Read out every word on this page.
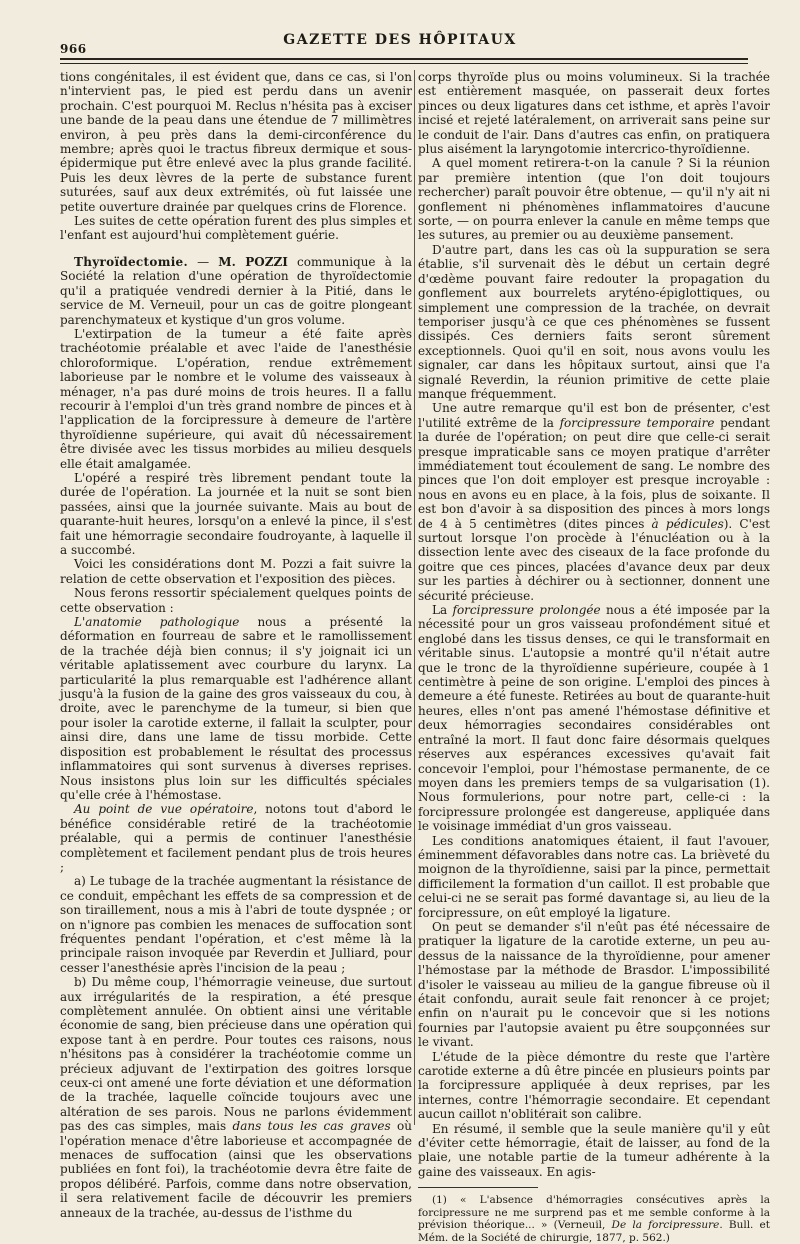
966
GAZETTE DES HÔPITAUX

tions congénitales, il est évident que, dans ce cas, si l'on n'intervient pas, le pied est perdu dans un avenir prochain. C'est pourquoi M. Reclus n'hésita pas à exciser une bande de la peau dans une étendue de 7 millimètres environ, à peu près dans la demi-circonférence du membre; après quoi le tractus fibreux dermique et sous-épidermique put être enlevé avec la plus grande facilité. Puis les deux lèvres de la perte de substance furent suturées, sauf aux deux extrémités, où fut laissée une petite ouverture drainée par quelques crins de Florence.

Les suites de cette opération furent des plus simples et l'enfant est aujourd'hui complètement guérie.

Thyroïdectomie. — M. POZZI communique à la Société la relation d'une opération de thyroïdectomie qu'il a pratiquée vendredi dernier à la Pitié, dans le service de M. Verneuil, pour un cas de goitre plongeant parenchymateux et kystique d'un gros volume.

L'extirpation de la tumeur a été faite après trachéotomie préalable et avec l'aide de l'anesthésie chloroformique. L'opération, rendue extrêmement laborieuse par le nombre et le volume des vaisseaux à ménager, n'a pas duré moins de trois heures. Il a fallu recourir à l'emploi d'un très grand nombre de pinces et à l'application de la forcipressure à demeure de l'artère thyroïdienne supérieure, qui avait dû nécessairement être divisée avec les tissus morbides au milieu desquels elle était amalgamée.

L'opéré a respiré très librement pendant toute la durée de l'opération. La journée et la nuit se sont bien passées, ainsi que la journée suivante. Mais au bout de quarante-huit heures, lorsqu'on a enlevé la pince, il s'est fait une hémorragie secondaire foudroyante, à laquelle il a succombé.

Voici les considérations dont M. Pozzi a fait suivre la relation de cette observation et l'exposition des pièces.

Nous ferons ressortir spécialement quelques points de cette observation :

L'anatomie pathologique nous a présenté la déformation en fourreau de sabre et le ramollissement de la trachée déjà bien connus; il s'y joignait ici un véritable aplatissement avec courbure du larynx. La particularité la plus remarquable est l'adhérence allant jusqu'à la fusion de la gaine des gros vaisseaux du cou, à droite, avec le parenchyme de la tumeur, si bien que pour isoler la carotide externe, il fallait la sculpter, pour ainsi dire, dans une lame de tissu morbide. Cette disposition est probablement le résultat des processus inflammatoires qui sont survenus à diverses reprises. Nous insistons plus loin sur les difficultés spéciales qu'elle crée à l'hémostase.

Au point de vue opératoire, notons tout d'abord le bénéfice considérable retiré de la trachéotomie préalable, qui a permis de continuer l'anesthésie complètement et facilement pendant plus de trois heures ;

a) Le tubage de la trachée augmentant la résistance de ce conduit, empêchant les effets de sa compression et de son tiraillement, nous a mis à l'abri de toute dyspnée ; or on n'ignore pas combien les menaces de suffocation sont fréquentes pendant l'opération, et c'est même là la principale raison invoquée par Reverdin et Julliard, pour cesser l'anesthésie après l'incision de la peau ;

b) Du même coup, l'hémorragie veineuse, due surtout aux irrégularités de la respiration, a été presque complètement annulée. On obtient ainsi une véritable économie de sang, bien précieuse dans une opération qui expose tant à en perdre. Pour toutes ces raisons, nous n'hésitons pas à considérer la trachéotomie comme un précieux adjuvant de l'extirpation des goitres lorsque ceux-ci ont amené une forte déviation et une déformation de la trachée, laquelle coïncide toujours avec une altération de ses parois. Nous ne parlons évidemment pas des cas simples, mais dans tous les cas graves où l'opération menace d'être laborieuse et accompagnée de menaces de suffocation (ainsi que les observations publiées en font foi), la trachéotomie devra être faite de propos délibéré. Parfois, comme dans notre observation, il sera relativement facile de découvrir les premiers anneaux de la trachée, au-dessus de l'isthme du

corps thyroïde plus ou moins volumineux. Si la trachée est entièrement masquée, on passerait deux fortes pinces ou deux ligatures dans cet isthme, et après l'avoir incisé et rejeté latéralement, on arriverait sans peine sur le conduit de l'air. Dans d'autres cas enfin, on pratiquera plus aisément la laryngotomie intercrico-thyroïdienne.

A quel moment retirera-t-on la canule ? Si la réunion par première intention (que l'on doit toujours rechercher) paraît pouvoir être obtenue, — qu'il n'y ait ni gonflement ni phénomènes inflammatoires d'aucune sorte, — on pourra enlever la canule en même temps que les sutures, au premier ou au deuxième pansement.

D'autre part, dans les cas où la suppuration se sera établie, s'il survenait dès le début un certain degré d'œdème pouvant faire redouter la propagation du gonflement aux bourrelets aryténo-épiglottiques, ou simplement une compression de la trachée, on devrait temporiser jusqu'à ce que ces phénomènes se fussent dissipés. Ces derniers faits seront sûrement exceptionnels. Quoi qu'il en soit, nous avons voulu les signaler, car dans les hôpitaux surtout, ainsi que l'a signalé Reverdin, la réunion primitive de cette plaie manque fréquemment.

Une autre remarque qu'il est bon de présenter, c'est l'utilité extrême de la forcipressure temporaire pendant la durée de l'opération; on peut dire que celle-ci serait presque impraticable sans ce moyen pratique d'arrêter immédiatement tout écoulement de sang. Le nombre des pinces que l'on doit employer est presque incroyable : nous en avons eu en place, à la fois, plus de soixante. Il est bon d'avoir à sa disposition des pinces à mors longs de 4 à 5 centimètres (dites pinces à pédicules). C'est surtout lorsque l'on procède à l'énucléation ou à la dissection lente avec des ciseaux de la face profonde du goitre que ces pinces, placées d'avance deux par deux sur les parties à déchirer ou à sectionner, donnent une sécurité précieuse.

La forcipressure prolongée nous a été imposée par la nécessité pour un gros vaisseau profondément situé et englobé dans les tissus denses, ce qui le transformait en véritable sinus. L'autopsie a montré qu'il n'était autre que le tronc de la thyroïdienne supérieure, coupée à 1 centimètre à peine de son origine. L'emploi des pinces à demeure a été funeste. Retirées au bout de quarante-huit heures, elles n'ont pas amené l'hémostase définitive et deux hémorragies secondaires considérables ont entraîné la mort. Il faut donc faire désormais quelques réserves aux espérances excessives qu'avait fait concevoir l'emploi, pour l'hémostase permanente, de ce moyen dans les premiers temps de sa vulgarisation (1). Nous formulerions, pour notre part, celle-ci : la forcipressure prolongée est dangereuse, appliquée dans le voisinage immédiat d'un gros vaisseau.

Les conditions anatomiques étaient, il faut l'avouer, éminemment défavorables dans notre cas. La brièveté du moignon de la thyroïdienne, saisi par la pince, permettait difficilement la formation d'un caillot. Il est probable que celui-ci ne se serait pas formé davantage si, au lieu de la forcipressure, on eût employé la ligature.

On peut se demander s'il n'eût pas été nécessaire de pratiquer la ligature de la carotide externe, un peu au-dessus de la naissance de la thyroïdienne, pour amener l'hémostase par la méthode de Brasdor. L'impossibilité d'isoler le vaisseau au milieu de la gangue fibreuse où il était confondu, aurait seule fait renoncer à ce projet; enfin on n'aurait pu le concevoir que si les notions fournies par l'autopsie avaient pu être soupçonnées sur le vivant.

L'étude de la pièce démontre du reste que l'artère carotide externe a dû être pincée en plusieurs points par la forcipressure appliquée à deux reprises, par les internes, contre l'hémorragie secondaire. Et cependant aucun caillot n'oblitérait son calibre.

En résumé, il semble que la seule manière qu'il y eût d'éviter cette hémorragie, était de laisser, au fond de la plaie, une notable partie de la tumeur adhérente à la gaine des vaisseaux. En agis-

(1) « L'absence d'hémorragies consécutives après la forcipressure ne me surprend pas et me semble conforme à la prévision théorique... » (Verneuil, De la forcipressure. Bull. et Mém. de la Société de chirurgie, 1877, p. 562.)
